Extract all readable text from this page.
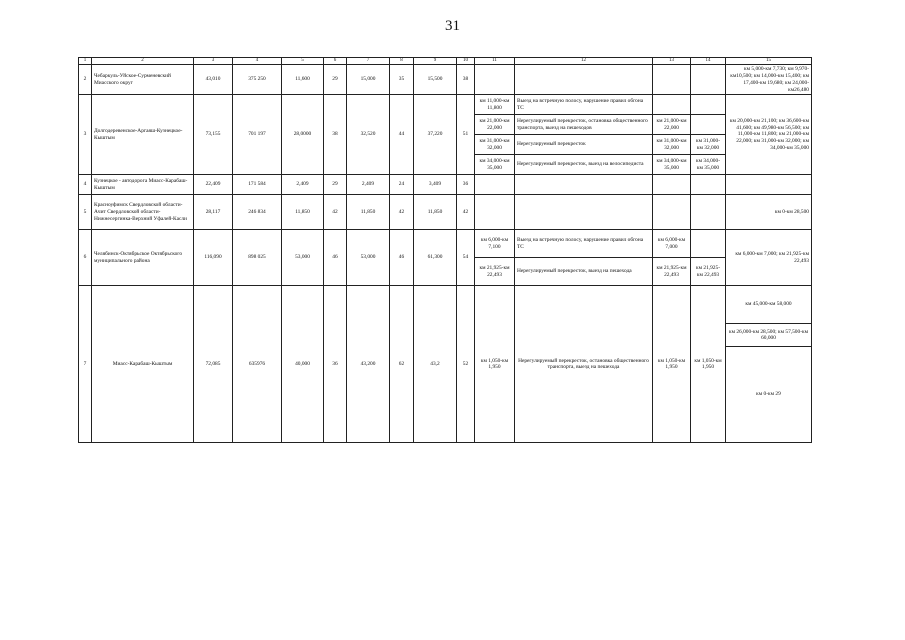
31
1	2	3	4	5	6	7	8	9	10	11	12	13	14	15
2	Чебаркуль-Уйское-Сурменевский Миасского округ	43,010	375 250	11,600	29	15,000	35	15,500	38					км 5,000-км 7,730; км 9,970-км10,500; км 14,000-км 15,400; км 17,400-км 19,680; км 24,000-км26,480
3	Долгодеревенское-Аргаяш-Кузнецкое-Кыштым	73,155	701 197	28,0000	38	32,520	44	37,220	51	км 11,000-км 11,800	Выезд на встречную полосу, нарушение правил обгона ТС			км 20,000-км 21,100; км 36,600-км 41,600; км 49,980-км 56,500; км 11,000-км 11,800; км 21,000-км 22,000; км 31,000-км 32,000; км 34,000-км 35,000
										км 21,000-км 22,000	Нерегулируемый перекресток, остановка общественного транспорта, выезд на пешеходов	км 21,000-км 22,000		
										км 31,000-км 32,000	Нерегулируемый перекресток	км 31,000-км 32,000	км 31,000-км 32,000	
										км 34,000-км 35,000	Нерегулируемый перекресток, выезд на велосипедиста	км 34,000-км 35,000	км 34,000-км 35,000	
4	Кузнецкое - автодорога Миасс-Карабаш-Кыштым	22,409	171 584	2,409	29	2,409	24	3,409	36					
5	Красноуфимск Свердловской области-Ачит Свердловской области-Нижнесергинка-Верхний Уфалей-Касли	28,117	246 834	11,850	42	11,850	42	11,850	42					км 0-км 28,500
6	Челябинск-Октябрьское Октябрьского муниципального района	116,090	898 025	53,000	46	53,000	46	61,300	54	км 6,000-км 7,100	Выезд на встречную полосу, нарушение правил обгона ТС	км 6,000-км 7,000		км 6,000-км 7,000; км 21,925-км 22,493
										км 21,925-км 22,493	Нерегулируемый перекресток, выезд на пешехода	км 21,925-км 22,493	км 21,925-км 22,493	
7	Миасс-Карабаш-Кыштым	72,085	635976	40,000	36	43,200	62	43,2	52	км 1,050-км 1,950	Нерегулируемый перекресток, остановка общественного транспорта, выезд на пешехода	км 1,050-км 1,950	км 1,050-км 1,950	км 45,000-км 58,000
														км 26,000-км 28,500; км 57,500-км 60,000
														км 0-км 29
